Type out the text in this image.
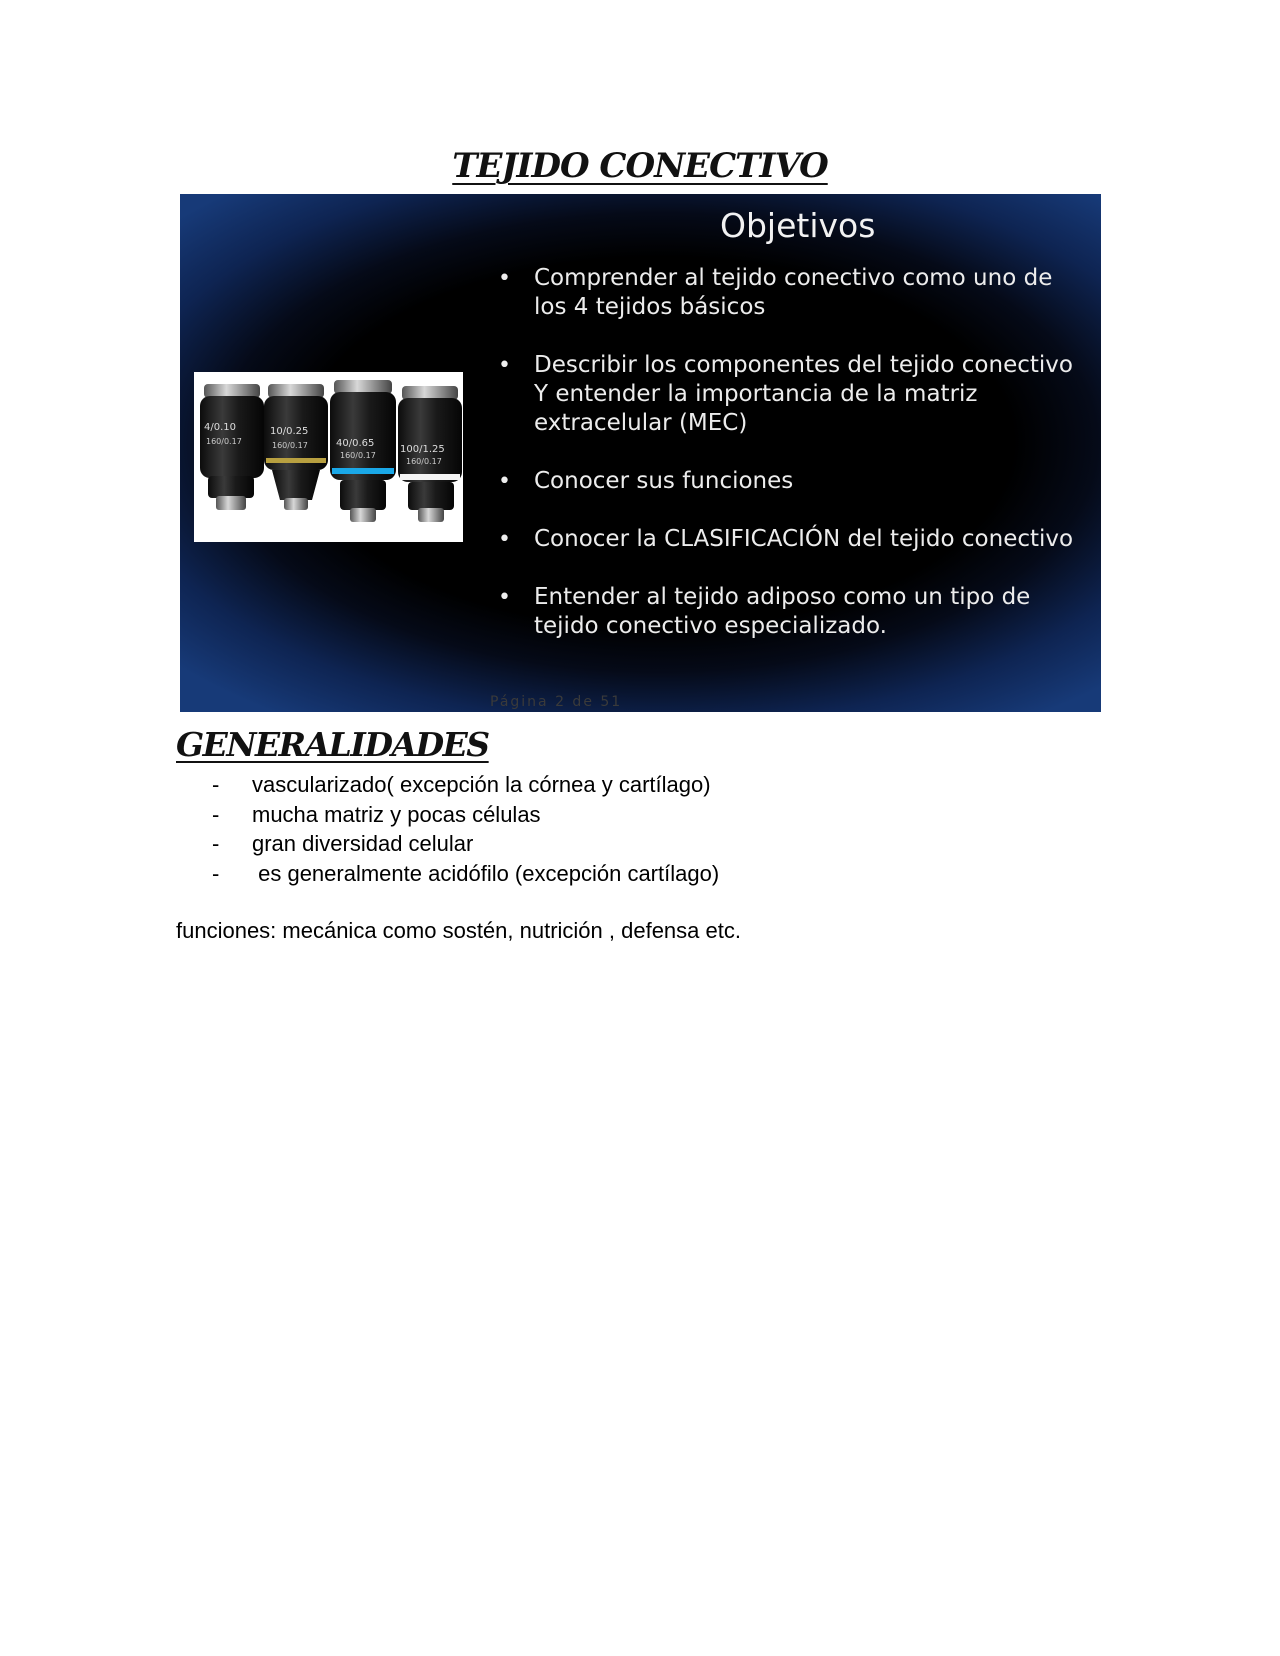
TEJIDO CONECTIVO
Objetivos
• Comprender al tejido conectivo como uno de los 4 tejidos básicos
• Describir los componentes del tejido conectivo Y entender la importancia de la matriz extracelular (MEC)
• Conocer sus funciones
• Conocer la CLASIFICACIÓN del tejido conectivo
• Entender al tejido adiposo como un tipo de tejido conectivo especializado.
4/0.10
160/0.17
10/0.25
160/0.17	40/0.65
160/0.17
100/1.25
160/0.17
Página 2 de 51
GENERALIDADES
- vascularizado( excepción la córnea y cartílago)
- mucha matriz y pocas células
- gran diversidad celular
- es generalmente acidófilo (excepción cartílago)
funciones: mecánica como sostén, nutrición , defensa etc.
